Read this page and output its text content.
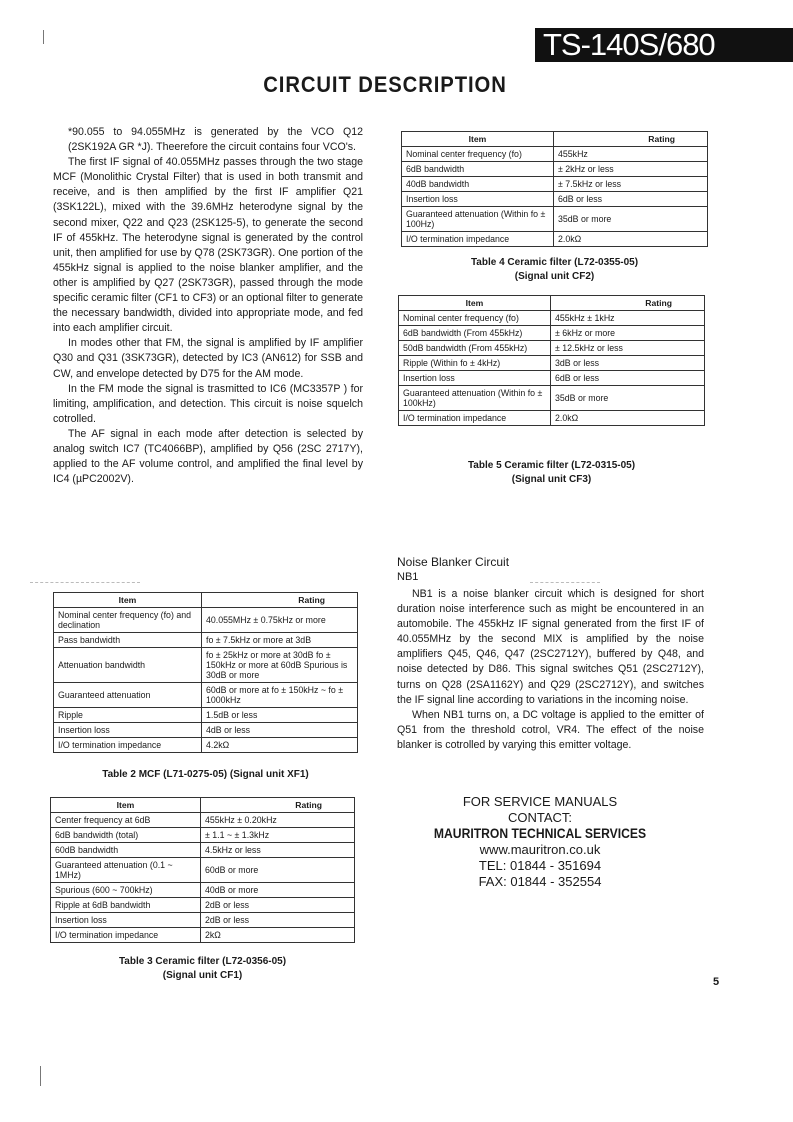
TS-140S/680
CIRCUIT DESCRIPTION

*90.055 to 94.055MHz is generated by the VCO Q12 (2SK192A GR *J). Theerefore the circuit contains four VCO's.

The first IF signal of 40.055MHz passes through the two stage MCF (Monolithic Crystal Filter) that is used in both transmit and receive, and is then amplified by the first IF amplifier Q21 (3SK122L), mixed with the 39.6MHz heterodyne signal by the second mixer, Q22 and Q23 (2SK125-5), to generate the second IF of 455kHz. The heterodyne signal is generated by the control unit, then amplified for use by Q78 (2SK73GR). One portion of the 455kHz signal is applied to the noise blanker amplifier, and the other is amplified by Q27 (2SK73GR), passed through the mode specific ceramic filter (CF1 to CF3) or an optional filter to generate the necessary bandwidth, divided into appropriate mode, and fed into each amplifier circuit.

In modes other that FM, the signal is amplified by IF amplifier Q30 and Q31 (3SK73GR), detected by IC3 (AN612) for SSB and CW, and envelope detected by D75 for the AM mode.

In the FM mode the signal is trasmitted to IC6 (MC3357P ) for limiting, amplification, and detection. This circuit is noise squelch cotrolled.

The AF signal in each mode after detection is selected by analog switch IC7 (TC4066BP), amplified by Q56 (2SC 2717Y), applied to the AF volume control, and amplified the final level by IC4 (µPC2002V).

Item	Rating
Nominal center frequency (fo)	455kHz
6dB bandwidth	± 2kHz or less
40dB bandwidth	± 7.5kHz or less
Insertion loss	6dB or less
Guaranteed attenuation (Within fo ± 100Hz)	35dB or more
I/O termination impedance	2.0kΩ
Table 4 Ceramic filter (L72-0355-05)
(Signal unit CF2)
Item	Rating
Nominal center frequency (fo)	455kHz ± 1kHz
6dB bandwidth (From 455kHz)	± 6kHz or more
50dB bandwidth (From 455kHz)	± 12.5kHz or less
Ripple (Within fo ± 4kHz)	3dB or less
Insertion loss	6dB or less
Guaranteed attenuation (Within fo ± 100kHz)	35dB or more
I/O termination impedance	2.0kΩ
Table 5 Ceramic filter (L72-0315-05)
(Signal unit CF3)
Item	Rating
Nominal center frequency (fo) and declination	40.055MHz ± 0.75kHz or more
Pass bandwidth	fo ± 7.5kHz or more at 3dB
Attenuation bandwidth	fo ± 25kHz or more at 30dB fo ± 150kHz or more at 60dB Spurious is 30dB or more
Guaranteed attenuation	60dB or more at fo ± 150kHz ~ fo ± 1000kHz
Ripple	1.5dB or less
Insertion loss	4dB or less
I/O termination impedance	4.2kΩ
Table 2 MCF (L71-0275-05) (Signal unit XF1)
Item	Rating
Center frequency at 6dB	455kHz ± 0.20kHz
6dB bandwidth (total)	± 1.1 ~ ± 1.3kHz
60dB bandwidth	4.5kHz or less
Guaranteed attenuation (0.1 ~ 1MHz)	60dB or more
Spurious (600 ~ 700kHz)	40dB or more
Ripple at 6dB bandwidth	2dB or less
Insertion loss	2dB or less
I/O termination impedance	2kΩ
Table 3 Ceramic filter (L72-0356-05)
(Signal unit CF1)
Noise Blanker Circuit
NB1

NB1 is a noise blanker circuit which is designed for short duration noise interference such as might be encountered in an automobile. The 455kHz IF signal generated from the first IF of 40.055MHz by the second MIX is amplified by the noise amplifiers Q45, Q46, Q47 (2SC2712Y), buffered by Q48, and noise detected by D86. This signal switches Q51 (2SC2712Y), turns on Q28 (2SA1162Y) and Q29 (2SC2712Y), and switches the IF signal line according to variations in the incoming noise.

When NB1 turns on, a DC voltage is applied to the emitter of Q51 from the threshold cotrol, VR4. The effect of the noise blanker is cotrolled by varying this emitter voltage.

FOR SERVICE MANUALS
CONTACT:
MAURITRON TECHNICAL SERVICES
www.mauritron.co.uk
TEL: 01844 - 351694
FAX: 01844 - 352554
5
